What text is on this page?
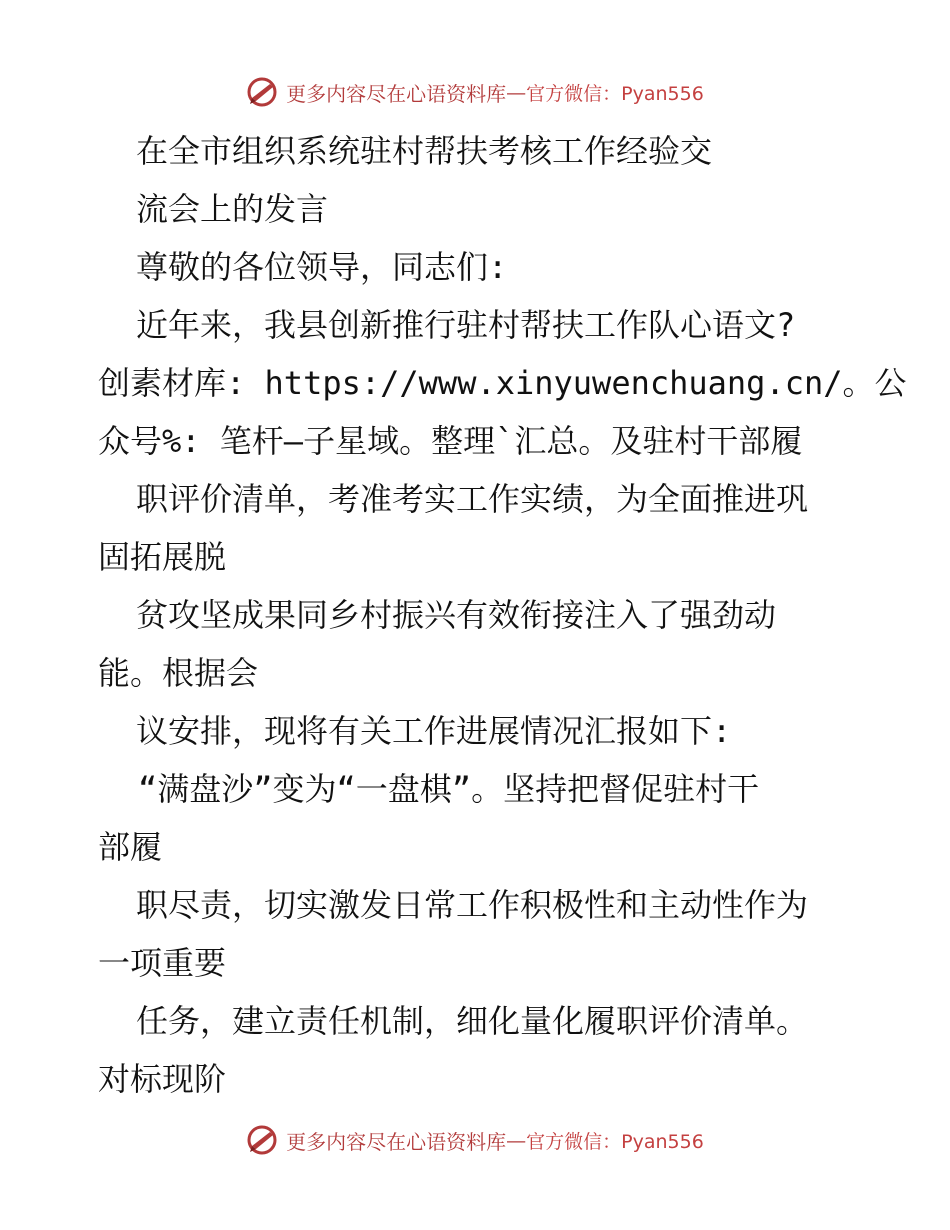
更多内容尽在心语资料库 — 官方微信：Pyan556
在全市组织系统驻村帮扶考核工作经验交
流会上的发言
尊敬的各位领导，同志们:
近年来，我县创新推行驻村帮扶工作队心语文?
创素材库: https://www.xinyuwenchuang.cn/。公
众号%: 笔杆—子星域。整理`汇总。及驻村干部履
职评价清单，考准考实工作实绩，为全面推进巩
固拓展脱
贫攻坚成果同乡村振兴有效衔接注入了强劲动
能。根据会
议安排，现将有关工作进展情况汇报如下:
“满盘沙”变为“一盘棋”。坚持把督促驻村干
部履
职尽责，切实激发日常工作积极性和主动性作为
一项重要
任务，建立责任机制，细化量化履职评价清单。
对标现阶
更多内容尽在心语资料库 — 官方微信：Pyan556
